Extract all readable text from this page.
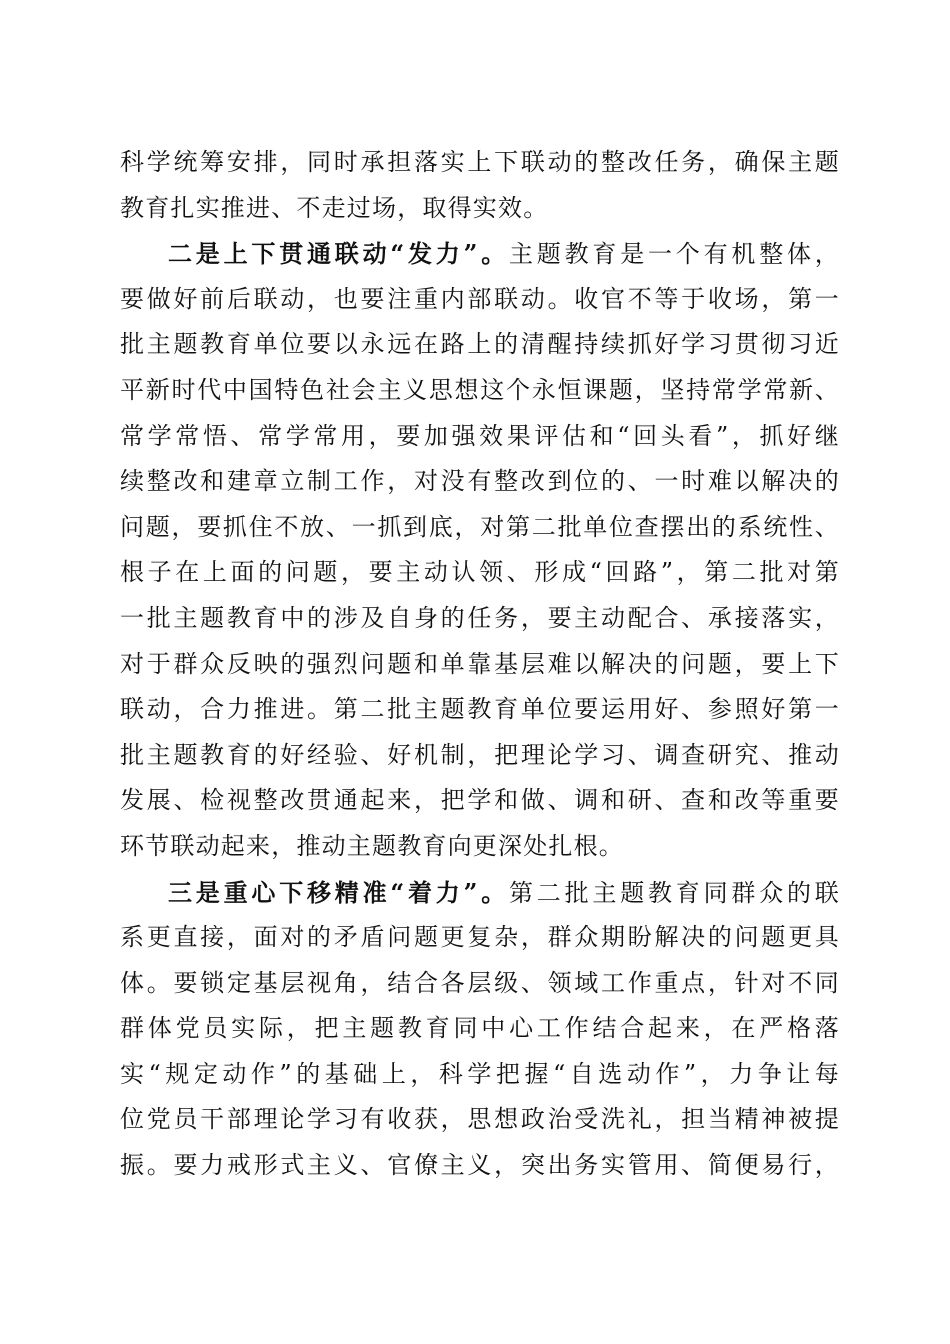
科学统筹安排，同时承担落实上下联动的整改任务，确保主题
教育扎实推进、不走过场，取得实效。
二是上下贯通联动“发力”。主题教育是一个有机整体，
要做好前后联动，也要注重内部联动。收官不等于收场，第一
批主题教育单位要以永远在路上的清醒持续抓好学习贯彻习近
平新时代中国特色社会主义思想这个永恒课题，坚持常学常新、
常学常悟、常学常用，要加强效果评估和“回头看”，抓好继
续整改和建章立制工作，对没有整改到位的、一时难以解决的
问题，要抓住不放、一抓到底，对第二批单位查摆出的系统性、
根子在上面的问题，要主动认领、形成“回路”，第二批对第
一批主题教育中的涉及自身的任务，要主动配合、承接落实，
对于群众反映的强烈问题和单靠基层难以解决的问题，要上下
联动，合力推进。第二批主题教育单位要运用好、参照好第一
批主题教育的好经验、好机制，把理论学习、调查研究、推动
发展、检视整改贯通起来，把学和做、调和研、查和改等重要
环节联动起来，推动主题教育向更深处扎根。
三是重心下移精准“着力”。第二批主题教育同群众的联
系更直接，面对的矛盾问题更复杂，群众期盼解决的问题更具
体。要锁定基层视角，结合各层级、领域工作重点，针对不同
群体党员实际，把主题教育同中心工作结合起来，在严格落
实“规定动作”的基础上，科学把握“自选动作”，力争让每
位党员干部理论学习有收获，思想政治受洗礼，担当精神被提
振。要力戒形式主义、官僚主义，突出务实管用、简便易行，
